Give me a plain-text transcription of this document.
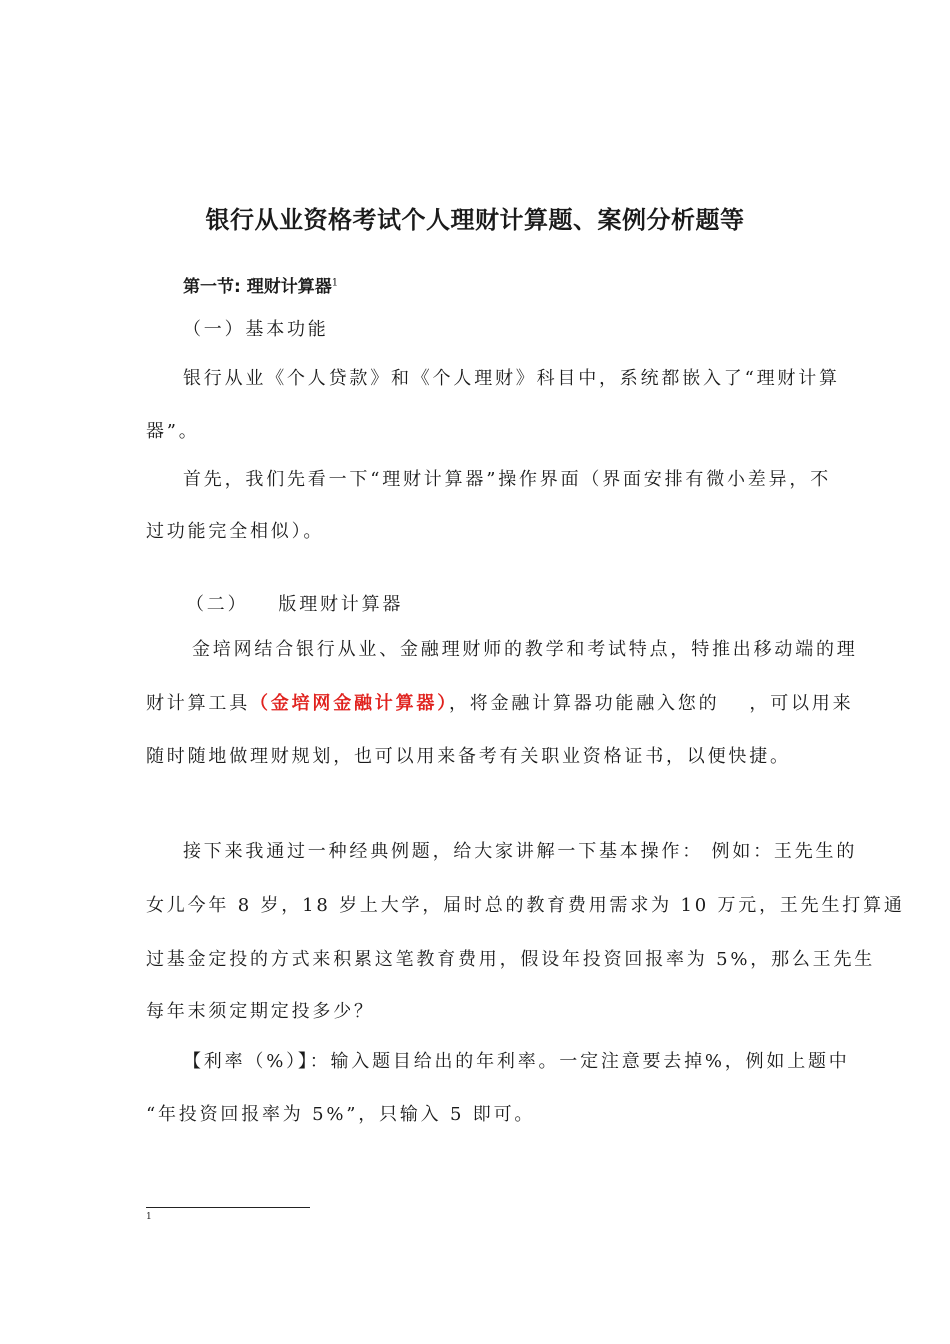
银行从业资格考试个人理财计算题、案例分析题等
第一节: 理财计算器$^1$
（一）基本功能
银行从业《个人贷款》和《个人理财》科目中，系统都嵌入了“理财计算
器”。
首先，我们先看一下“理财计算器”操作界面（界面安排有微小差异，不
过功能完全相似）。
（二） 版理财计算器
金培网结合银行从业、金融理财师的教学和考试特点，特推出移动端的理
财计算工具（金培网金融计算器），将金融计算器功能融入您的 ，可以用来
随时随地做理财规划，也可以用来备考有关职业资格证书，以便快捷。
接下来我通过一种经典例题，给大家讲解一下基本操作： 例如：王先生的
女儿今年 8 岁，18 岁上大学，届时总的教育费用需求为 10 万元，王先生打算通
过基金定投的方式来积累这笔教育费用，假设年投资回报率为 5%，那么王先生
每年末须定期定投多少？
【利率（%）】：输入题目给出的年利率。一定注意要去掉%，例如上题中
“年投资回报率为 5%”，只输入 5 即可。
1
